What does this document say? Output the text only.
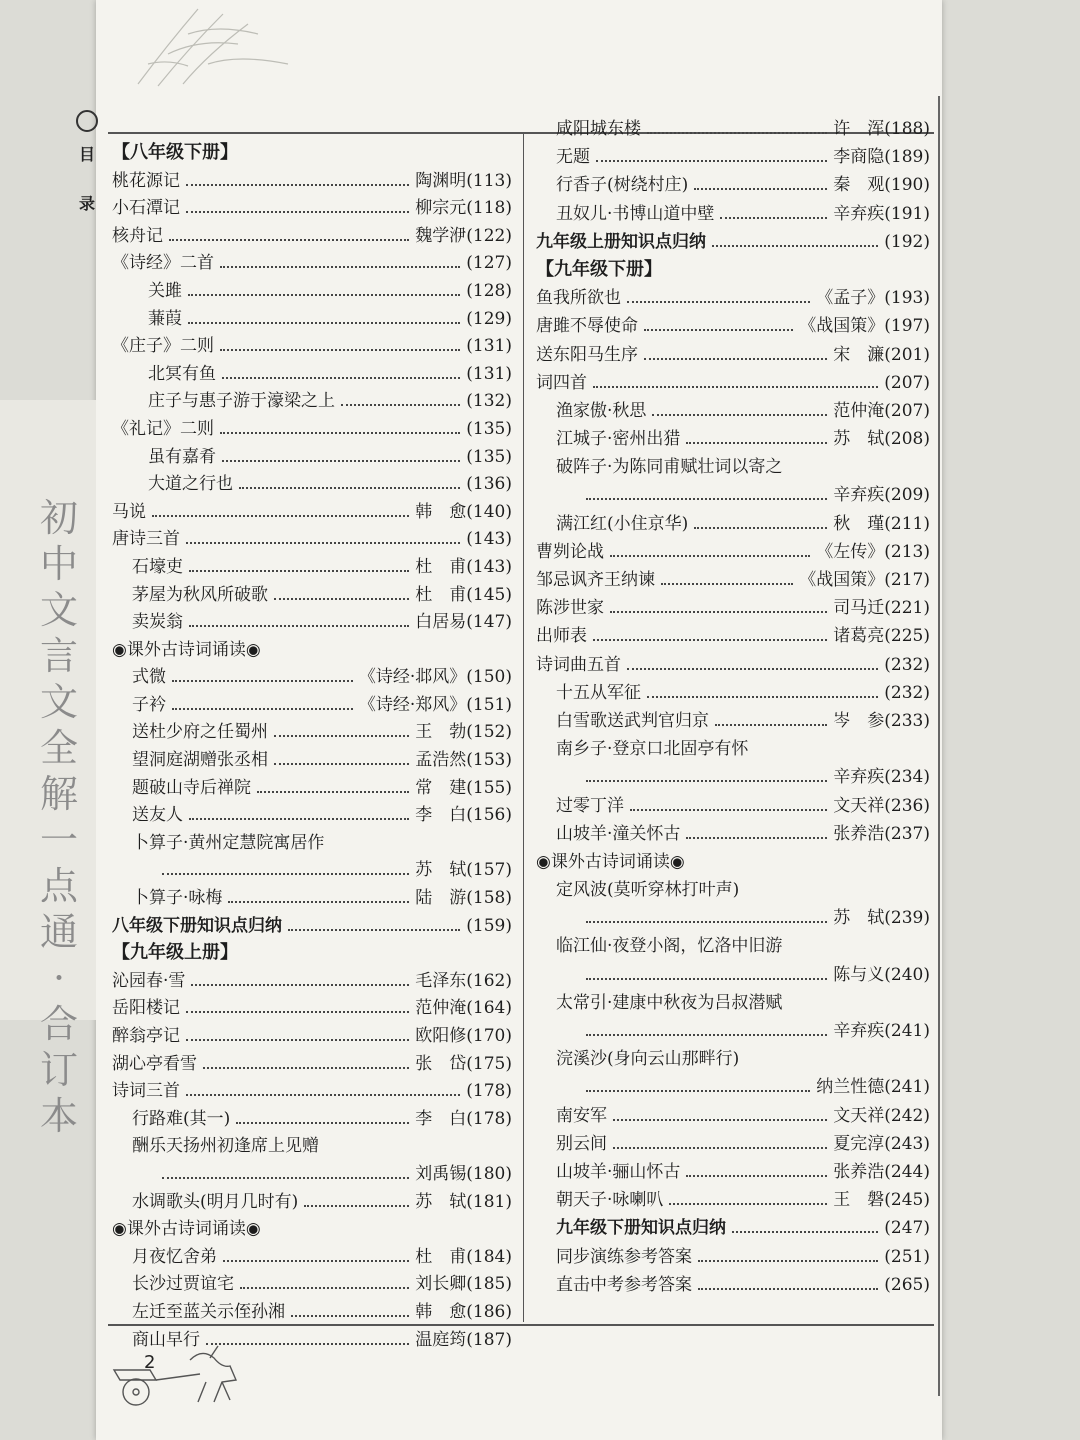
初
中
文
言
文
全
解
一
点
通
·
合
订
本
目
录
【 八年级下册 】
桃花源记	陶渊明(113)
小石潭记	柳宗元(118)
核舟记	魏学洢(122)
《诗经》二首	(127)
关雎	(128)
蒹葭	(129)
《庄子》二则	(131)
北冥有鱼	(131)
庄子与惠子游于濠梁之上	(132)
《礼记》二则	(135)
虽有嘉肴	(135)
大道之行也	(136)
马说	韩　愈(140)
唐诗三首	(143)
石壕吏	杜　甫(143)
茅屋为秋风所破歌	杜　甫(145)
卖炭翁	白居易(147)
◉课外古诗词诵读◉
式微	《诗经·邶风》(150)
子衿	《诗经·郑风》(151)
送杜少府之任蜀州	王　勃(152)
望洞庭湖赠张丞相	孟浩然(153)
题破山寺后禅院	常　建(155)
送友人	李　白(156)
卜算子·黄州定慧院寓居作
苏　轼(157)
卜算子·咏梅	陆　游(158)
八年级下册知识点归纳	(159)
【 九年级上册 】
沁园春·雪	毛泽东(162)
岳阳楼记	范仲淹(164)
醉翁亭记	欧阳修(170)
湖心亭看雪	张　岱(175)
诗词三首	(178)
行路难(其一)	李　白(178)
酬乐天扬州初逢席上见赠
刘禹锡(180)
水调歌头(明月几时有)	苏　轼(181)
◉课外古诗词诵读◉
月夜忆舍弟	杜　甫(184)
长沙过贾谊宅	刘长卿(185)
左迁至蓝关示侄孙湘	韩　愈(186)
商山早行	温庭筠(187)
咸阳城东楼	许　浑(188)
无题	李商隐(189)
行香子(树绕村庄)	秦　观(190)
丑奴儿·书博山道中壁	辛弃疾(191)
九年级上册知识点归纳	(192)
【 九年级下册 】
鱼我所欲也	《孟子》(193)
唐雎不辱使命	《战国策》(197)
送东阳马生序	宋　濂(201)
词四首	(207)
渔家傲·秋思	范仲淹(207)
江城子·密州出猎	苏　轼(208)
破阵子·为陈同甫赋壮词以寄之
辛弃疾(209)
满江红(小住京华)	秋　瑾(211)
曹刿论战	《左传》(213)
邹忌讽齐王纳谏	《战国策》(217)
陈涉世家	司马迁(221)
出师表	诸葛亮(225)
诗词曲五首	(232)
十五从军征	(232)
白雪歌送武判官归京	岑　参(233)
南乡子·登京口北固亭有怀
辛弃疾(234)
过零丁洋	文天祥(236)
山坡羊·潼关怀古	张养浩(237)
◉课外古诗词诵读◉
定风波(莫听穿林打叶声)
苏　轼(239)
临江仙·夜登小阁，忆洛中旧游
陈与义(240)
太常引·建康中秋夜为吕叔潜赋
辛弃疾(241)
浣溪沙(身向云山那畔行)
纳兰性德(241)
南安军	文天祥(242)
别云间	夏完淳(243)
山坡羊·骊山怀古	张养浩(244)
朝天子·咏喇叭	王　磐(245)
九年级下册知识点归纳	(247)
同步演练参考答案	(251)
直击中考参考答案	(265)
2
